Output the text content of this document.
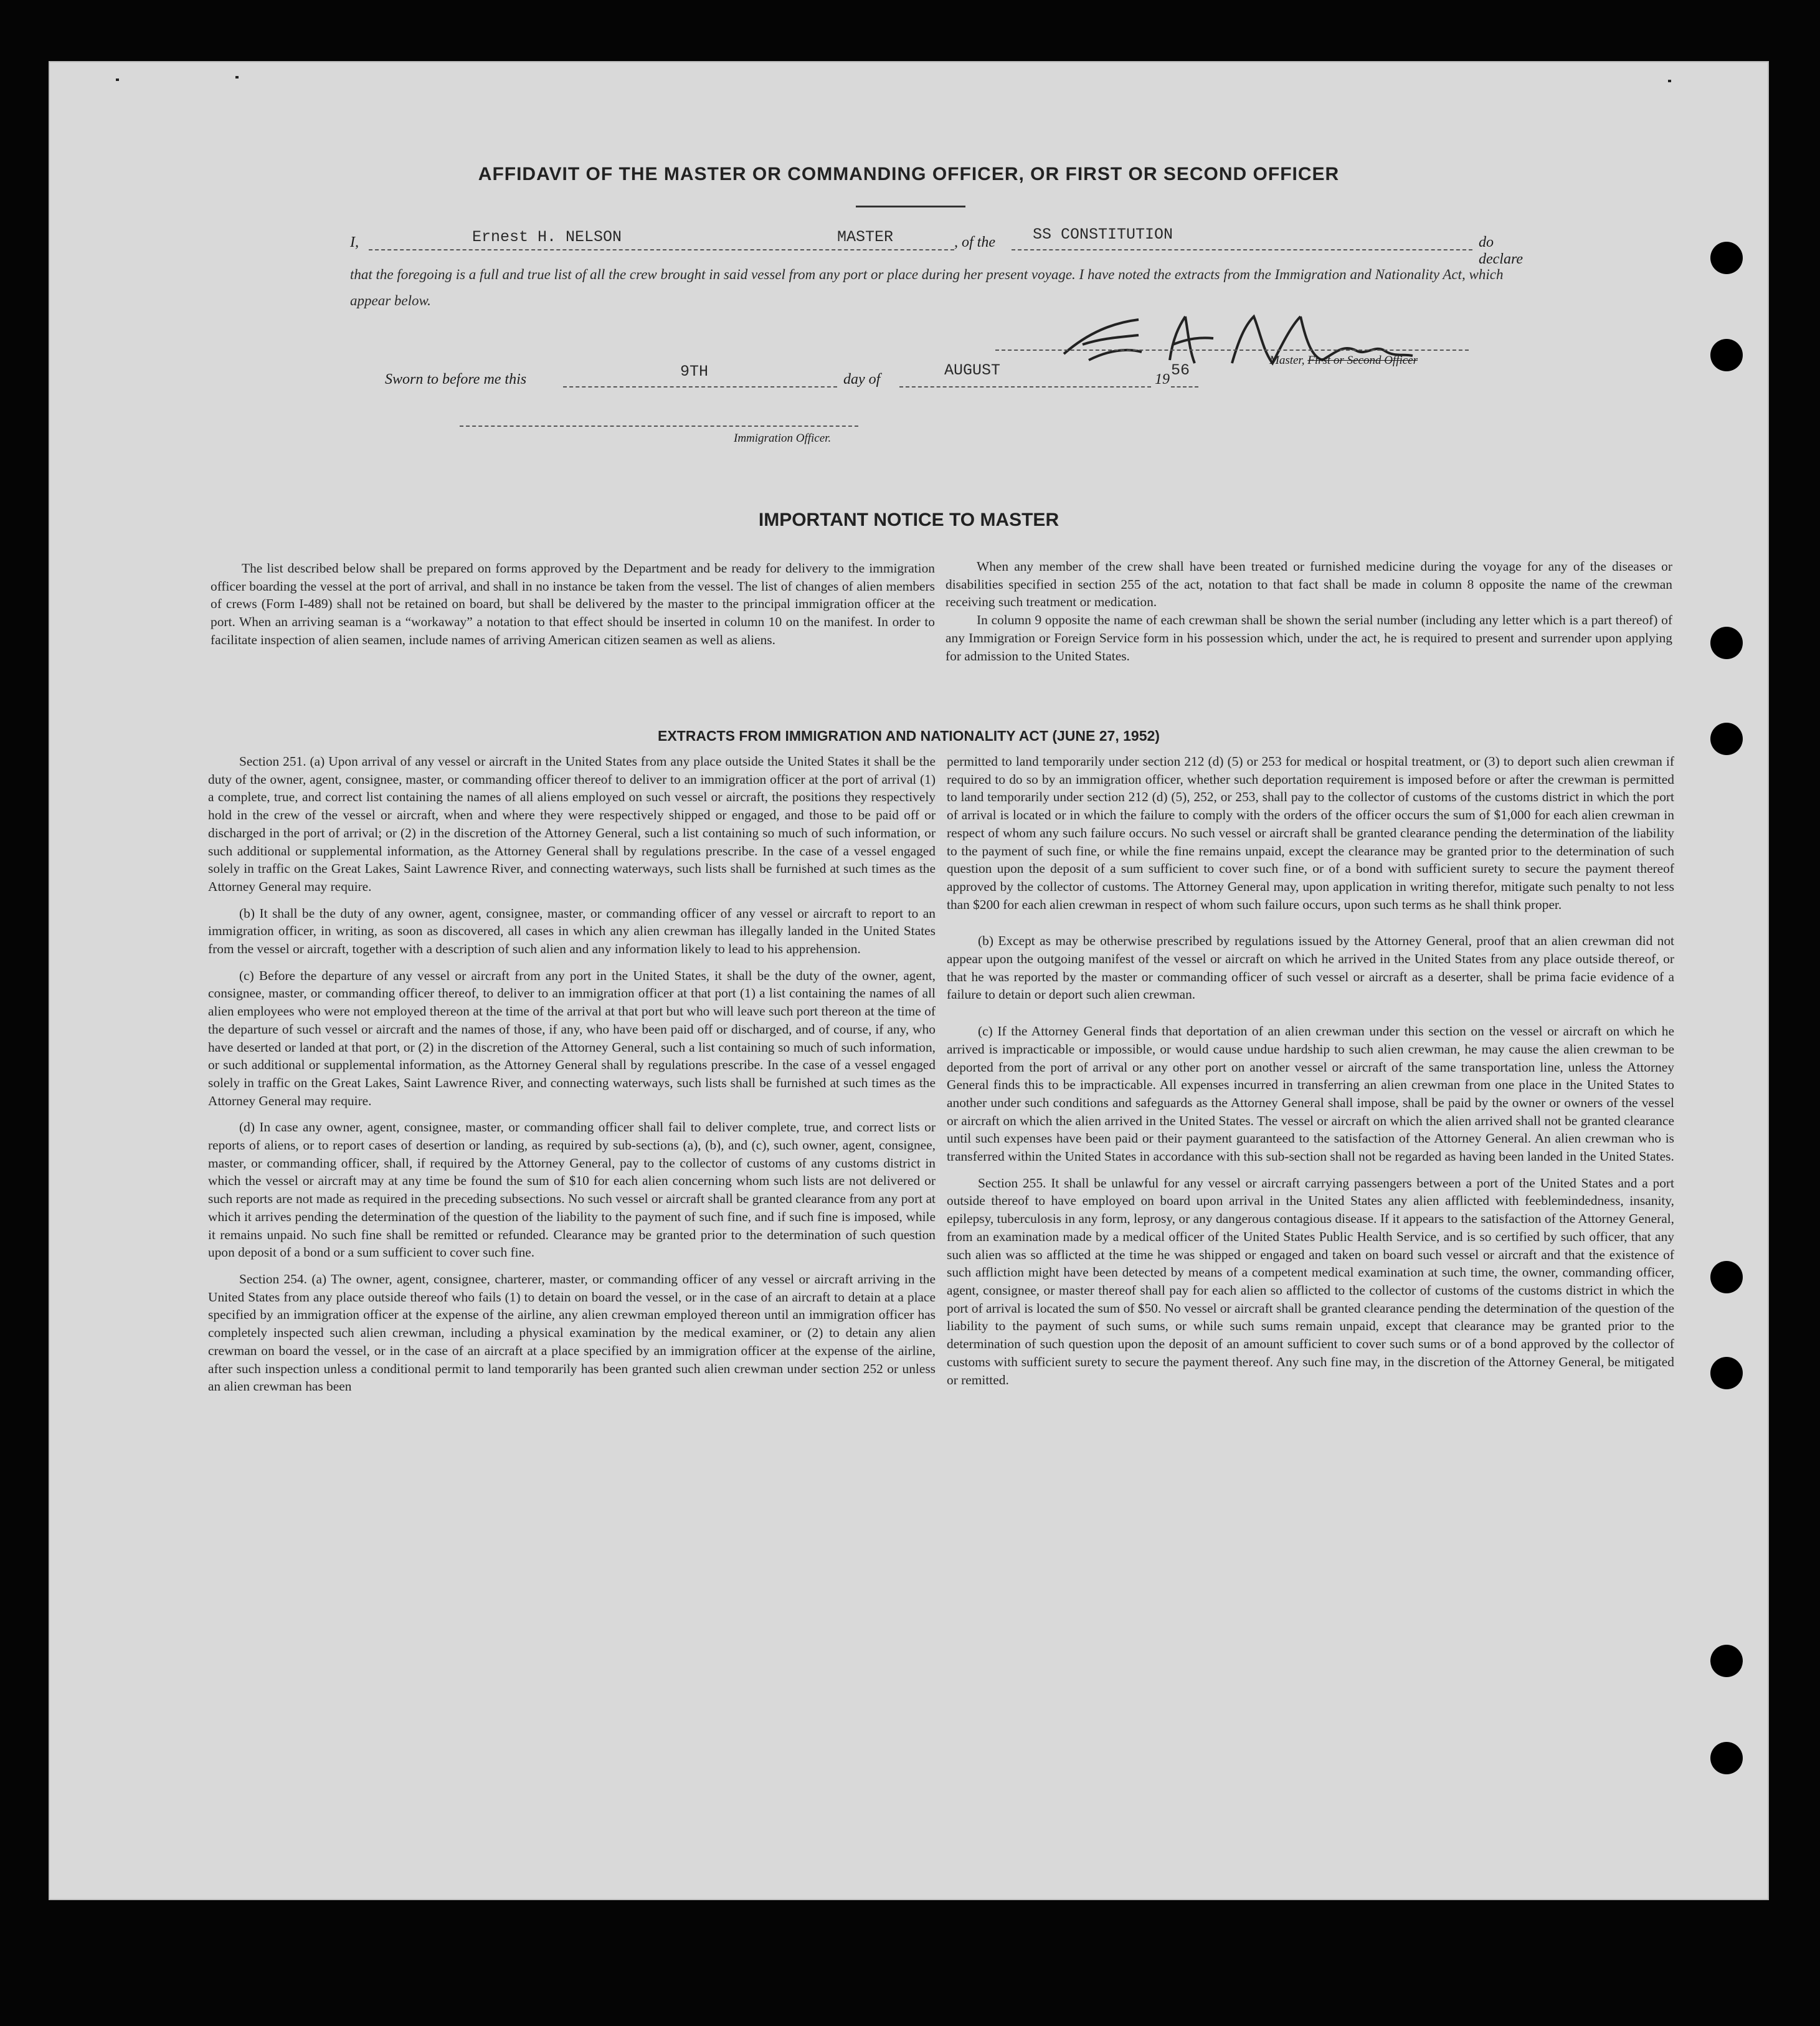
AFFIDAVIT OF THE MASTER OR COMMANDING OFFICER, OR FIRST OR SECOND OFFICER
I,	Ernest H. NELSON	MASTER	, of the SS CONSTITUTION	do declare
that the foregoing is a full and true list of all the crew brought in said vessel from any port or place during her present voyage. I have noted the extracts from the Immigration and Nationality Act, which appear below.
Master, First or Second Officer
Sworn to before me this	9TH	day of	AUGUST	19 56
Immigration Officer.
IMPORTANT NOTICE TO MASTER

The list described below shall be prepared on forms approved by the Department and be ready for delivery to the immigration officer boarding the vessel at the port of arrival, and shall in no instance be taken from the vessel. The list of changes of alien members of crews (Form I-489) shall not be retained on board, but shall be delivered by the master to the principal immigration officer at the port. When an arriving seaman is a “workaway” a notation to that effect should be inserted in column 10 on the manifest. In order to facilitate inspection of alien seamen, include names of arriving American citizen seamen as well as aliens.

When any member of the crew shall have been treated or furnished medicine during the voyage for any of the diseases or disabilities specified in section 255 of the act, notation to that fact shall be made in column 8 opposite the name of the crewman receiving such treatment or medication.

In column 9 opposite the name of each crewman shall be shown the serial number (including any letter which is a part thereof) of any Immigration or Foreign Service form in his possession which, under the act, he is required to present and surrender upon applying for admission to the United States.

EXTRACTS FROM IMMIGRATION AND NATIONALITY ACT (JUNE 27, 1952)

Section 251. (a) Upon arrival of any vessel or aircraft in the United States from any place outside the United States it shall be the duty of the owner, agent, consignee, master, or commanding officer thereof to deliver to an immigration officer at the port of arrival (1) a complete, true, and correct list containing the names of all aliens employed on such vessel or aircraft, the positions they respectively hold in the crew of the vessel or aircraft, when and where they were respectively shipped or engaged, and those to be paid off or discharged in the port of arrival; or (2) in the discretion of the Attorney General, such a list containing so much of such information, or such additional or supplemental information, as the Attorney General shall by regulations prescribe. In the case of a vessel engaged solely in traffic on the Great Lakes, Saint Lawrence River, and connecting waterways, such lists shall be furnished at such times as the Attorney General may require.

(b) It shall be the duty of any owner, agent, consignee, master, or commanding officer of any vessel or aircraft to report to an immigration officer, in writing, as soon as discovered, all cases in which any alien crewman has illegally landed in the United States from the vessel or aircraft, together with a description of such alien and any information likely to lead to his apprehension.

(c) Before the departure of any vessel or aircraft from any port in the United States, it shall be the duty of the owner, agent, consignee, master, or commanding officer thereof, to deliver to an immigration officer at that port (1) a list containing the names of all alien employees who were not employed thereon at the time of the arrival at that port but who will leave such port thereon at the time of the departure of such vessel or aircraft and the names of those, if any, who have been paid off or discharged, and of course, if any, who have deserted or landed at that port, or (2) in the discretion of the Attorney General, such a list containing so much of such information, or such additional or supplemental information, as the Attorney General shall by regulations prescribe. In the case of a vessel engaged solely in traffic on the Great Lakes, Saint Lawrence River, and connecting waterways, such lists shall be furnished at such times as the Attorney General may require.

(d) In case any owner, agent, consignee, master, or commanding officer shall fail to deliver complete, true, and correct lists or reports of aliens, or to report cases of desertion or landing, as required by sub-sections (a), (b), and (c), such owner, agent, consignee, master, or commanding officer, shall, if required by the Attorney General, pay to the collector of customs of any customs district in which the vessel or aircraft may at any time be found the sum of $10 for each alien concerning whom such lists are not delivered or such reports are not made as required in the preceding subsections. No such vessel or aircraft shall be granted clearance from any port at which it arrives pending the determination of the question of the liability to the payment of such fine, and if such fine is imposed, while it remains unpaid. No such fine shall be remitted or refunded. Clearance may be granted prior to the determination of such question upon deposit of a bond or a sum sufficient to cover such fine.

Section 254. (a) The owner, agent, consignee, charterer, master, or commanding officer of any vessel or aircraft arriving in the United States from any place outside thereof who fails (1) to detain on board the vessel, or in the case of an aircraft to detain at a place specified by an immigration officer at the expense of the airline, any alien crewman employed thereon until an immigration officer has completely inspected such alien crewman, including a physical examination by the medical examiner, or (2) to detain any alien crewman on board the vessel, or in the case of an aircraft at a place specified by an immigration officer at the expense of the airline, after such inspection unless a conditional permit to land temporarily has been granted such alien crewman under section 252 or unless an alien crewman has been

permitted to land temporarily under section 212 (d) (5) or 253 for medical or hospital treatment, or (3) to deport such alien crewman if required to do so by an immigration officer, whether such deportation requirement is imposed before or after the crewman is permitted to land temporarily under section 212 (d) (5), 252, or 253, shall pay to the collector of customs of the customs district in which the port of arrival is located or in which the failure to comply with the orders of the officer occurs the sum of $1,000 for each alien crewman in respect of whom any such failure occurs. No such vessel or aircraft shall be granted clearance pending the determination of the liability to the payment of such fine, or while the fine remains unpaid, except the clearance may be granted prior to the determination of such question upon the deposit of a sum sufficient to cover such fine, or of a bond with sufficient surety to secure the payment thereof approved by the collector of customs. The Attorney General may, upon application in writing therefor, mitigate such penalty to not less than $200 for each alien crewman in respect of whom such failure occurs, upon such terms as he shall think proper.

(b) Except as may be otherwise prescribed by regulations issued by the Attorney General, proof that an alien crewman did not appear upon the outgoing manifest of the vessel or aircraft on which he arrived in the United States from any place outside thereof, or that he was reported by the master or commanding officer of such vessel or aircraft as a deserter, shall be prima facie evidence of a failure to detain or deport such alien crewman.

(c) If the Attorney General finds that deportation of an alien crewman under this section on the vessel or aircraft on which he arrived is impracticable or impossible, or would cause undue hardship to such alien crewman, he may cause the alien crewman to be deported from the port of arrival or any other port on another vessel or aircraft of the same transportation line, unless the Attorney General finds this to be impracticable. All expenses incurred in transferring an alien crewman from one place in the United States to another under such conditions and safeguards as the Attorney General shall impose, shall be paid by the owner or owners of the vessel or aircraft on which the alien arrived in the United States. The vessel or aircraft on which the alien arrived shall not be granted clearance until such expenses have been paid or their payment guaranteed to the satisfaction of the Attorney General. An alien crewman who is transferred within the United States in accordance with this sub-section shall not be regarded as having been landed in the United States.

Section 255. It shall be unlawful for any vessel or aircraft carrying passengers between a port of the United States and a port outside thereof to have employed on board upon arrival in the United States any alien afflicted with feeblemindedness, insanity, epilepsy, tuberculosis in any form, leprosy, or any dangerous contagious disease. If it appears to the satisfaction of the Attorney General, from an examination made by a medical officer of the United States Public Health Service, and is so certified by such officer, that any such alien was so afflicted at the time he was shipped or engaged and taken on board such vessel or aircraft and that the existence of such affliction might have been detected by means of a competent medical examination at such time, the owner, commanding officer, agent, consignee, or master thereof shall pay for each alien so afflicted to the collector of customs of the customs district in which the port of arrival is located the sum of $50. No vessel or aircraft shall be granted clearance pending the determination of the question of the liability to the payment of such sums, or while such sums remain unpaid, except that clearance may be granted prior to the determination of such question upon the deposit of an amount sufficient to cover such sums or of a bond approved by the collector of customs with sufficient surety to secure the payment thereof. Any such fine may, in the discretion of the Attorney General, be mitigated or remitted.
